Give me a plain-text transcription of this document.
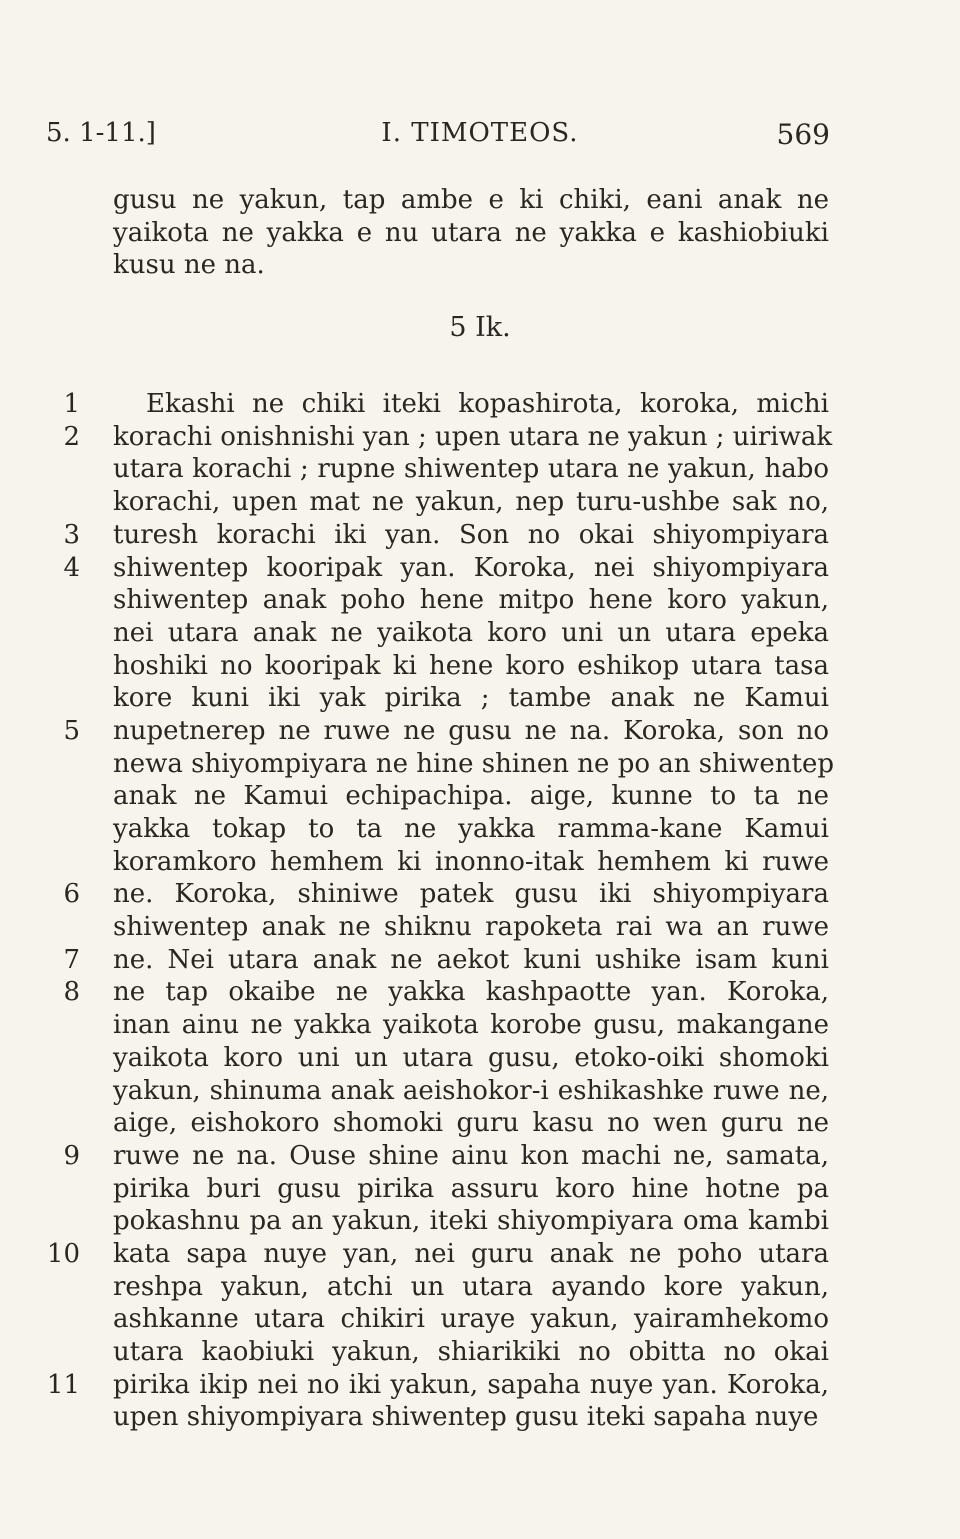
5. 1-11.]	I. TIMOTEOS.	569
gusu ne yakun, tap ambe e ki chiki, eani anak ne
yaikota ne yakka e nu utara ne yakka e kashiobiuki
kusu ne na.
5 Ik.
1	Ekashi ne chiki iteki kopashirota, koroka, michi
2 korachi onishnishi yan ; upen utara ne yakun ; uiriwak
utara korachi ; rupne shiwentep utara ne yakun, habo
korachi, upen mat ne yakun, nep turu-ushbe sak no,
3 turesh korachi iki yan. Son no okai shiyompiyara
4 shiwentep kooripak yan. Koroka, nei shiyompiyara
shiwentep anak poho hene mitpo hene koro yakun,
nei utara anak ne yaikota koro uni un utara epeka
hoshiki no kooripak ki hene koro eshikop utara tasa
kore kuni iki yak pirika ; tambe anak ne Kamui
5 nupetnerep ne ruwe ne gusu ne na. Koroka, son no
newa shiyompiyara ne hine shinen ne po an shiwentep
anak ne Kamui echipachipa. aige, kunne to ta ne
yakka tokap to ta ne yakka ramma-kane Kamui
koramkoro hemhem ki inonno-itak hemhem ki ruwe
6 ne. Koroka, shiniwe patek gusu iki shiyompiyara
shiwentep anak ne shiknu rapoketa rai wa an ruwe
7 ne. Nei utara anak ne aekot kuni ushike isam kuni
8 ne tap okaibe ne yakka kashpaotte yan. Koroka,
inan ainu ne yakka yaikota korobe gusu, makangane
yaikota koro uni un utara gusu, etoko-oiki shomoki
yakun, shinuma anak aeishokor-i eshikashke ruwe ne,
aige, eishokoro shomoki guru kasu no wen guru ne
9 ruwe ne na. Ouse shine ainu kon machi ne, samata,
pirika buri gusu pirika assuru koro hine hotne pa
pokashnu pa an yakun, iteki shiyompiyara oma kambi
10 kata sapa nuye yan, nei guru anak ne poho utara
reshpa yakun, atchi un utara ayando kore yakun,
ashkanne utara chikiri uraye yakun, yairamhekomo
utara kaobiuki yakun, shiarikiki no obitta no okai
11 pirika ikip nei no iki yakun, sapaha nuye yan. Koroka,
upen shiyompiyara shiwentep gusu iteki sapaha nuye
